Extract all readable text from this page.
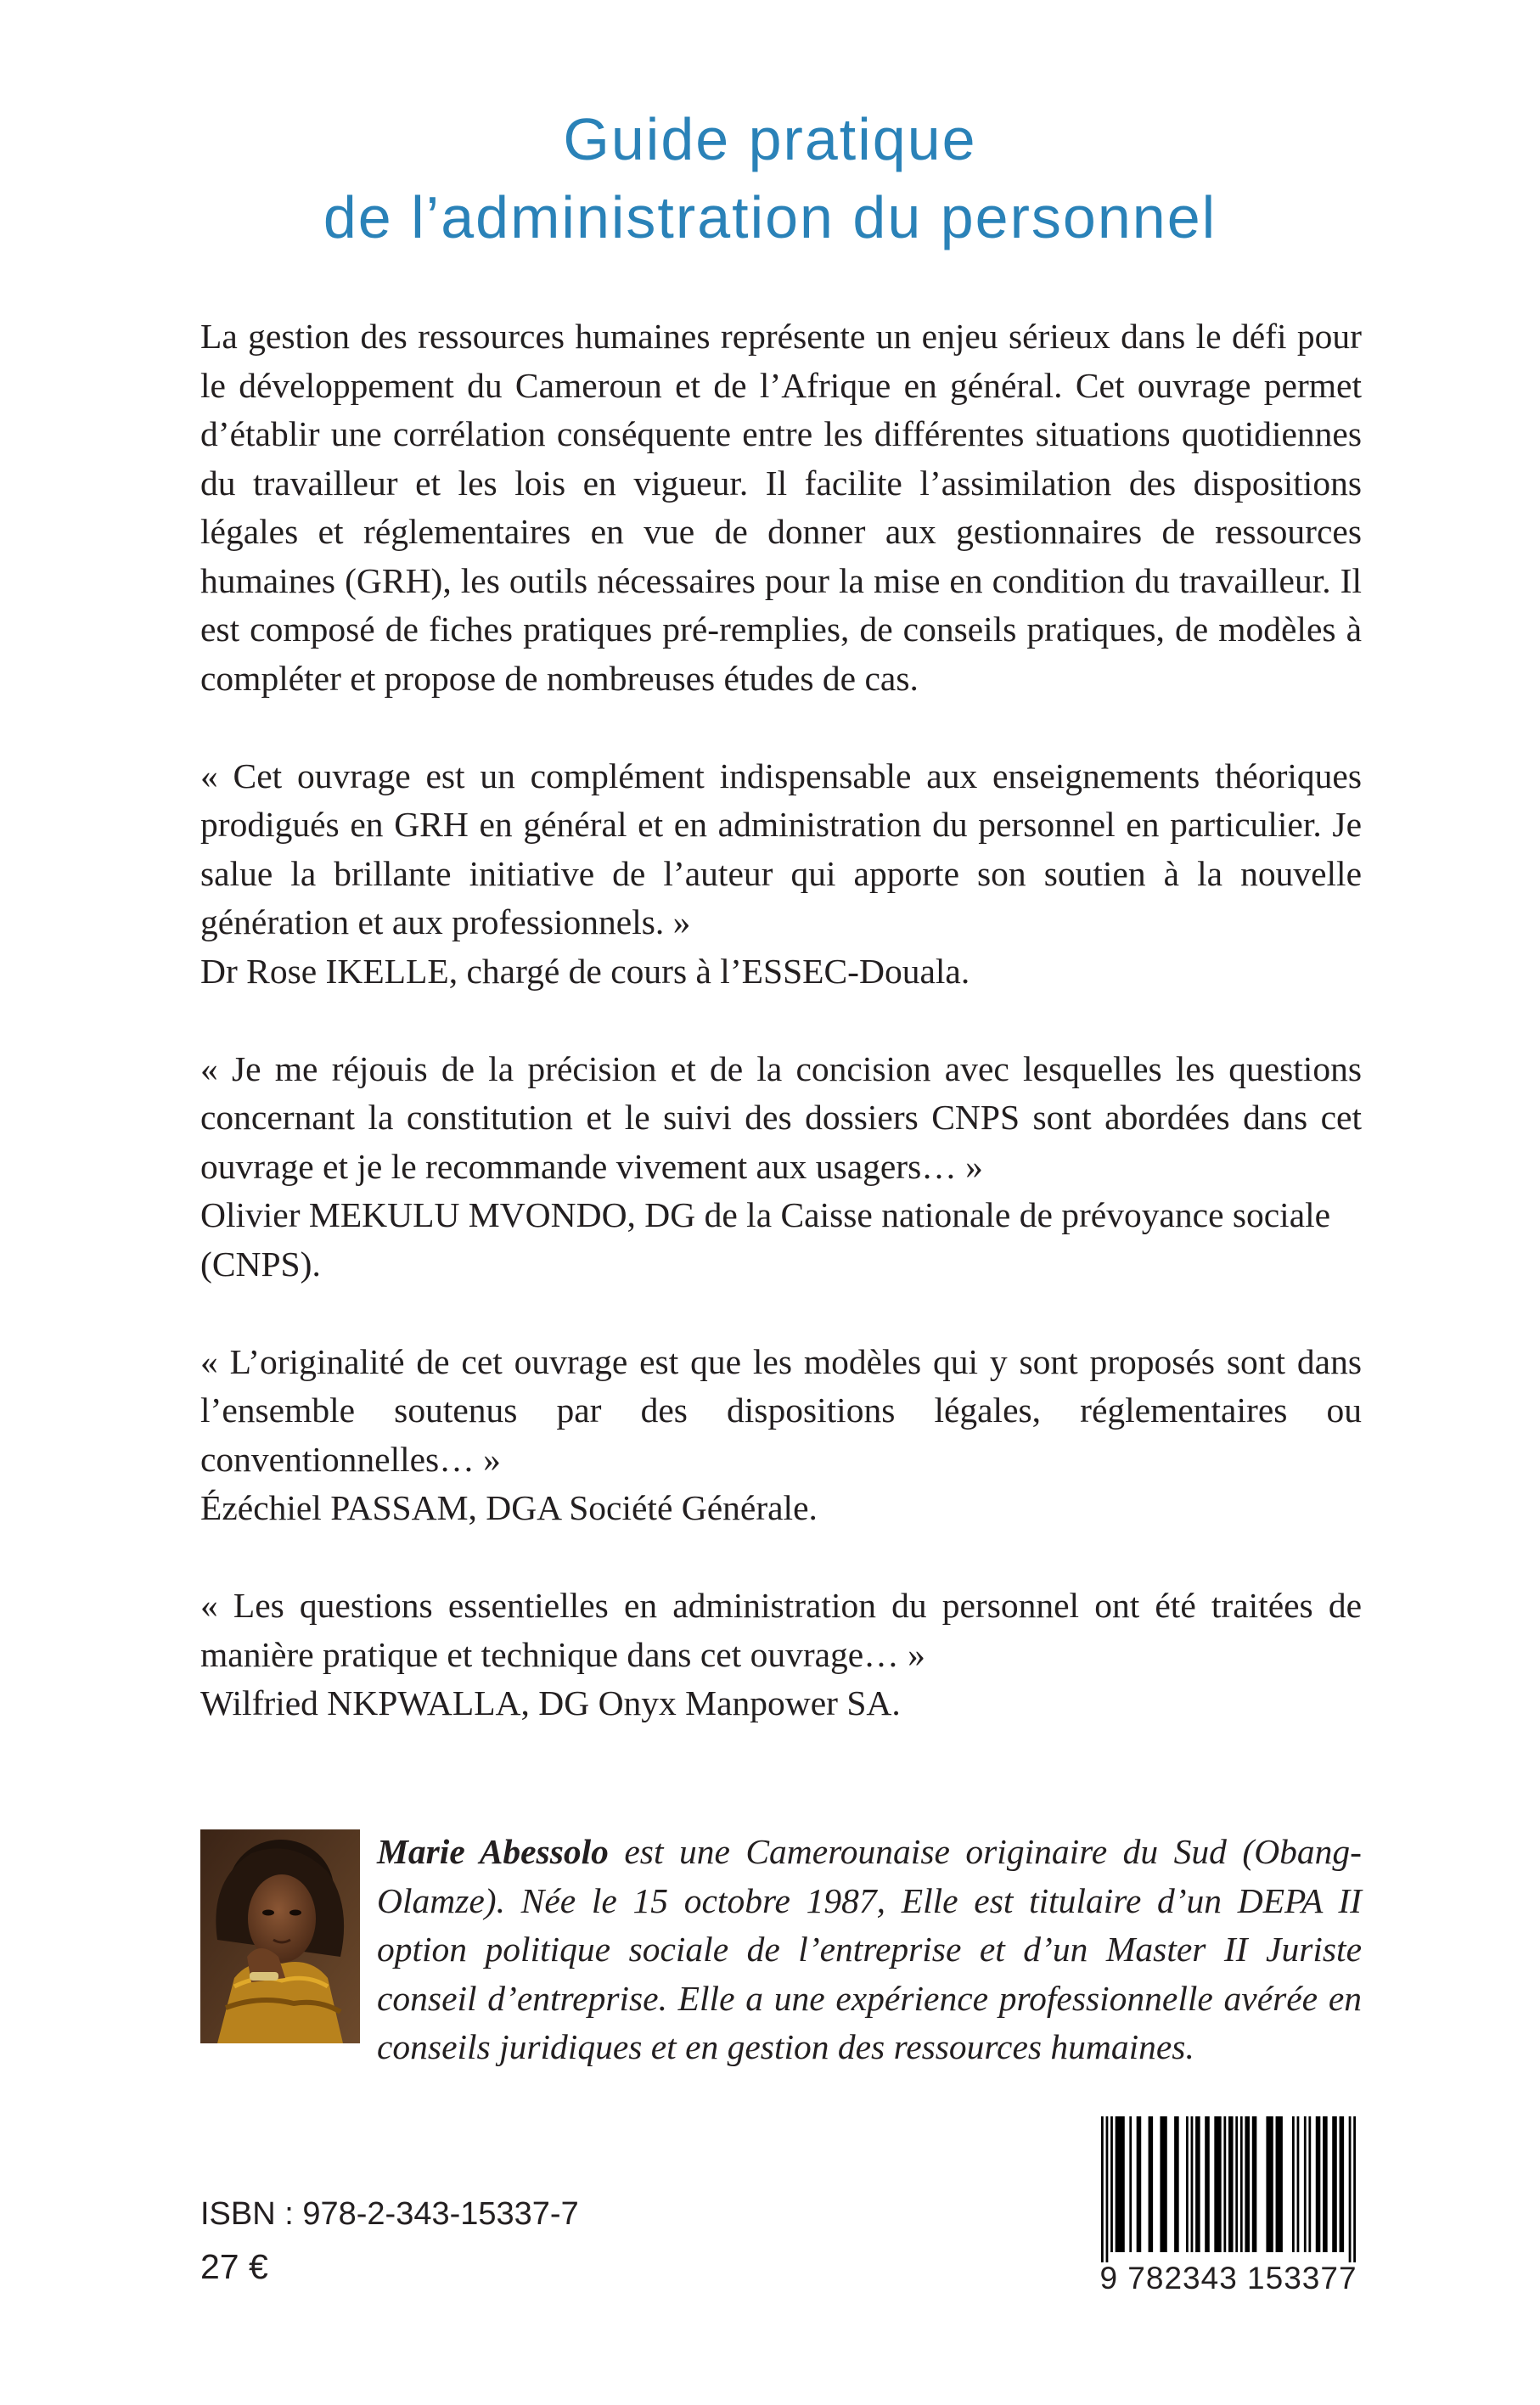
Guide pratique
de l’administration du personnel

La gestion des ressources humaines représente un enjeu sérieux dans le défi pour le développement du Cameroun et de l’Afrique en général. Cet ouvrage permet d’établir une corrélation conséquente entre les différentes situations quotidiennes du travailleur et les lois en vigueur. Il facilite l’assimilation des dispositions légales et réglementaires en vue de donner aux gestionnaires de ressources humaines (GRH), les outils nécessaires pour la mise en condition du travailleur. Il est composé de fiches pratiques pré-remplies, de conseils pratiques, de modèles à compléter et propose de nombreuses études de cas.

« Cet ouvrage est un complément indispensable aux enseignements théoriques prodigués en GRH en général et en administration du personnel en particulier. Je salue la brillante initiative de l’auteur qui apporte son soutien à la nouvelle génération et aux professionnels. »

Dr Rose IKELLE, chargé de cours à l’ESSEC-Douala.

« Je me réjouis de la précision et de la concision avec lesquelles les questions concernant la constitution et le suivi des dossiers CNPS sont abordées dans cet ouvrage et je le recommande vivement aux usagers… »

Olivier MEKULU MVONDO, DG de la Caisse nationale de prévoyance sociale (CNPS).

« L’originalité de cet ouvrage est que les modèles qui y sont proposés sont dans l’ensemble soutenus par des dispositions légales, réglementaires ou conventionnelles… »

Ézéchiel PASSAM, DGA Société Générale.

« Les questions essentielles en administration du personnel ont été traitées de manière pratique et technique dans cet ouvrage… »

Wilfried NKPWALLA, DG Onyx Manpower SA.

Marie Abessolo est une Camerounaise originaire du Sud (Obang-Olamze). Née le 15 octobre 1987, Elle est titulaire d’un DEPA II option politique sociale de l’entreprise et d’un Master II Juriste conseil d’entreprise. Elle a une expérience professionnelle avérée en conseils juridiques et en gestion des ressources humaines.

ISBN : 978-2-343-15337-7
27 €	9 782343 153377
